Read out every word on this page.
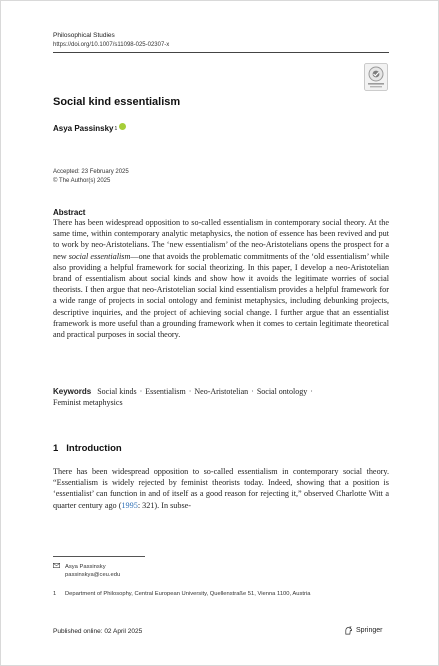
Philosophical Studies
https://doi.org/10.1007/s11098-025-02307-x
Social kind essentialism
Asya Passinsky 1
Accepted: 23 February 2025
© The Author(s) 2025
Abstract
There has been widespread opposition to so-called essentialism in contemporary social theory. At the same time, within contemporary analytic metaphysics, the notion of essence has been revived and put to work by neo-Aristotelians. The ‘new essentialism’ of the neo-Aristotelians opens the prospect for a new social essentialism—one that avoids the problematic commitments of the ‘old essentialism’ while also providing a helpful framework for social theorizing. In this paper, I develop a neo-Aristotelian brand of essentialism about social kinds and show how it avoids the legitimate worries of social theorists. I then argue that neo-Aristotelian social kind essentialism provides a helpful framework for a wide range of projects in social ontology and feminist metaphysics, including debunking projects, descriptive inquiries, and the project of achieving social change. I further argue that an essentialist framework is more useful than a grounding framework when it comes to certain legitimate theoretical and practical purposes in social theory.
Keywords Social kinds · Essentialism · Neo-Aristotelian · Social ontology ·
Feminist metaphysics
1 Introduction
There has been widespread opposition to so-called essentialism in contemporary social theory. “Essentialism is widely rejected by feminist theorists today. Indeed, showing that a position is ‘essentialist’ can function in and of itself as a good reason for rejecting it,” observed Charlotte Witt a quarter century ago (1995: 321). In subse-
Asya Passinsky
passinskya@ceu.edu
1	Department of Philosophy, Central European University, Quellenstraße 51, Vienna 1100, Austria
Published online: 02 April 2025	Springer
